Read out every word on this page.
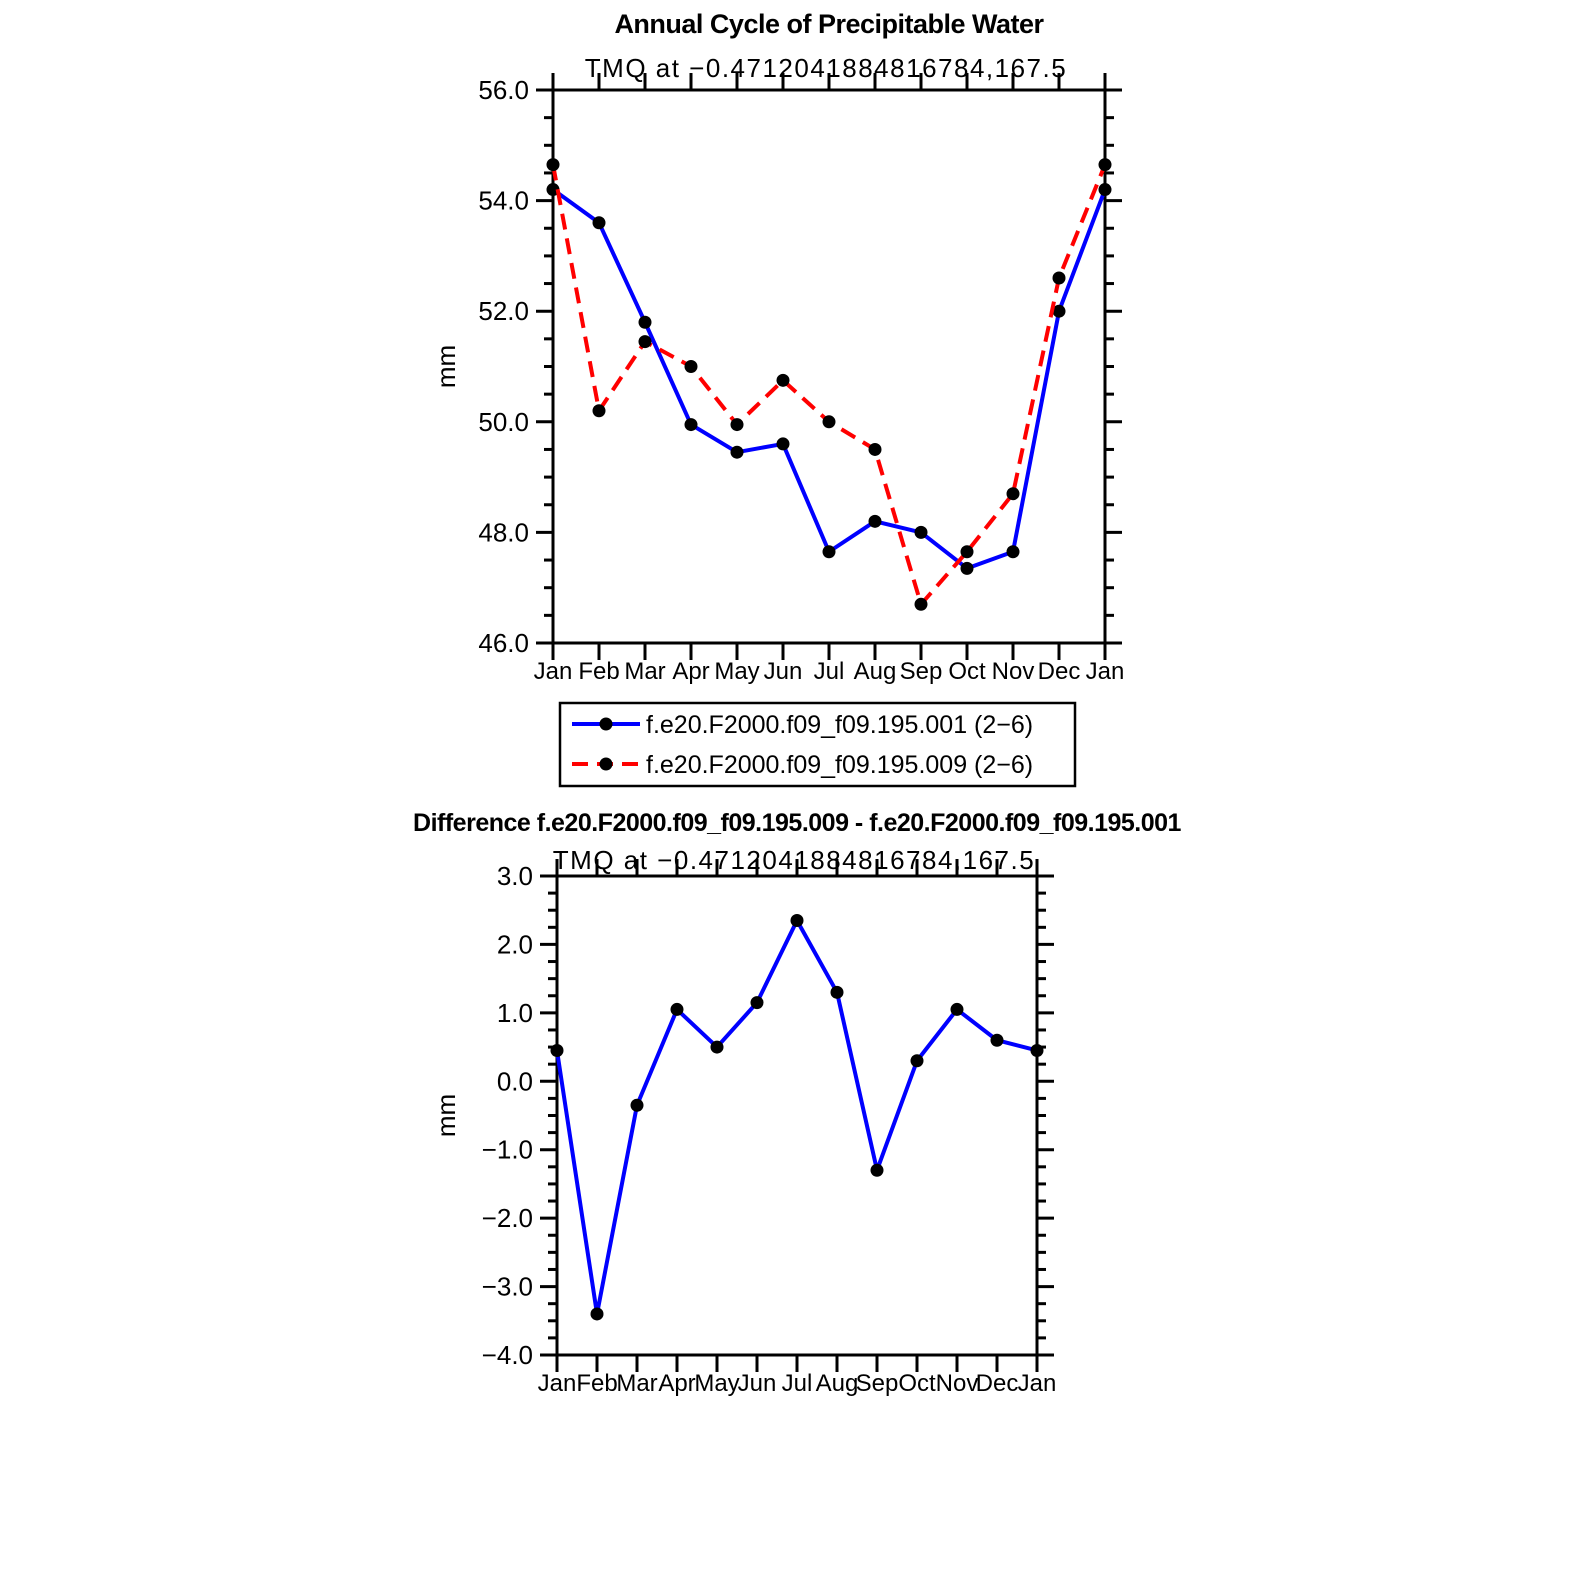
Annual Cycle of Precipitable Water
TMQ at −0.4712041884816784,167.5
Jan Feb Mar Apr May Jun Jul Aug Sep Oct Nov Dec Jan
46.0
48.0
50.0
52.0
54.0
56.0
mm
f.e20.F2000.f09_f09.195.001 (2−6)
f.e20.F2000.f09_f09.195.009 (2−6)
Difference f.e20.F2000.f09_f09.195.009 - f.e20.F2000.f09_f09.195.001
TMQ at −0.4712041884816784,167.5
Jan Feb
Mar Apr
May
Jun Jul Aug
Sep Oct Nov
Dec Jan
−4.0
−3.0
−2.0
−1.0
0.0
1.0
2.0
3.0
mm
